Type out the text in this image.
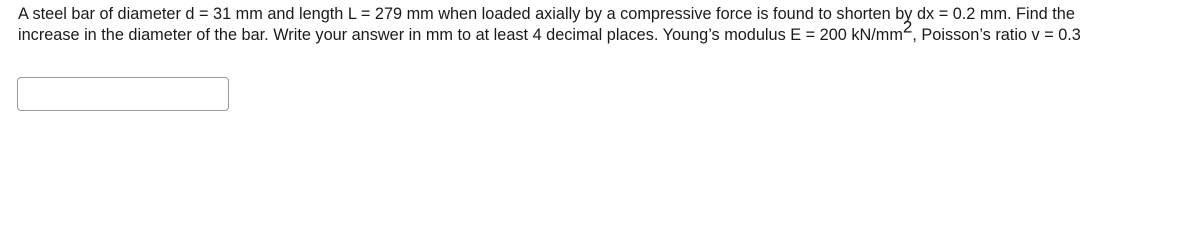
A steel bar of diameter d = 31 mm and length L = 279 mm when loaded axially by a compressive force is found to shorten by dx = 0.2 mm. Find the
increase in the diameter of the bar. Write your answer in mm to at least 4 decimal places. Young’s modulus E = 200 $kN/mm^2$, Poisson’s ratio v = 0.3
